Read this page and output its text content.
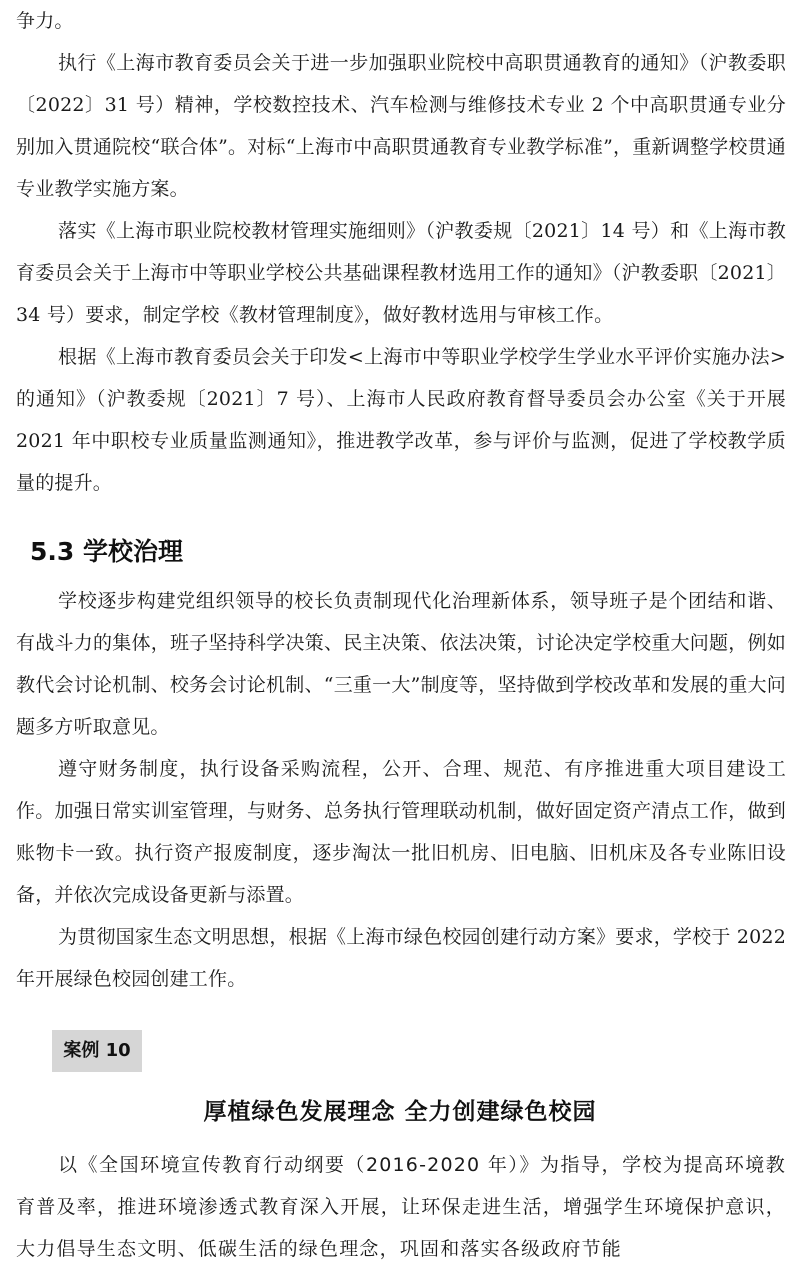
争力。

执行《上海市教育委员会关于进一步加强职业院校中高职贯通教育的通知》（沪教委职〔2022〕31 号）精神，学校数控技术、汽车检测与维修技术专业 2 个中高职贯通专业分别加入贯通院校“联合体”。对标“上海市中高职贯通教育专业教学标准”，重新调整学校贯通专业教学实施方案。

落实《上海市职业院校教材管理实施细则》（沪教委规〔2021〕14 号）和《上海市教育委员会关于上海市中等职业学校公共基础课程教材选用工作的通知》（沪教委职〔2021〕34 号）要求，制定学校《教材管理制度》，做好教材选用与审核工作。

根据《上海市教育委员会关于印发<上海市中等职业学校学生学业水平评价实施办法>的通知》（沪教委规〔2021〕7 号）、上海市人民政府教育督导委员会办公室《关于开展 2021 年中职校专业质量监测通知》，推进教学改革，参与评价与监测，促进了学校教学质量的提升。

5.3 学校治理

学校逐步构建党组织领导的校长负责制现代化治理新体系，领导班子是个团结和谐、有战斗力的集体，班子坚持科学决策、民主决策、依法决策，讨论决定学校重大问题，例如教代会讨论机制、校务会讨论机制、“三重一大”制度等，坚持做到学校改革和发展的重大问题多方听取意见。

遵守财务制度，执行设备采购流程，公开、合理、规范、有序推进重大项目建设工作。加强日常实训室管理，与财务、总务执行管理联动机制，做好固定资产清点工作，做到账物卡一致。执行资产报废制度，逐步淘汰一批旧机房、旧电脑、旧机床及各专业陈旧设备，并依次完成设备更新与添置。

为贯彻国家生态文明思想，根据《上海市绿色校园创建行动方案》要求，学校于 2022 年开展绿色校园创建工作。

案例 10
厚植绿色发展理念 全力创建绿色校园

以《全国环境宣传教育行动纲要（2016-2020 年）》为指导，学校为提高环境教育普及率，推进环境渗透式教育深入开展，让环保走进生活，增强学生环境保护意识，大力倡导生态文明、低碳生活的绿色理念，巩固和落实各级政府节能
